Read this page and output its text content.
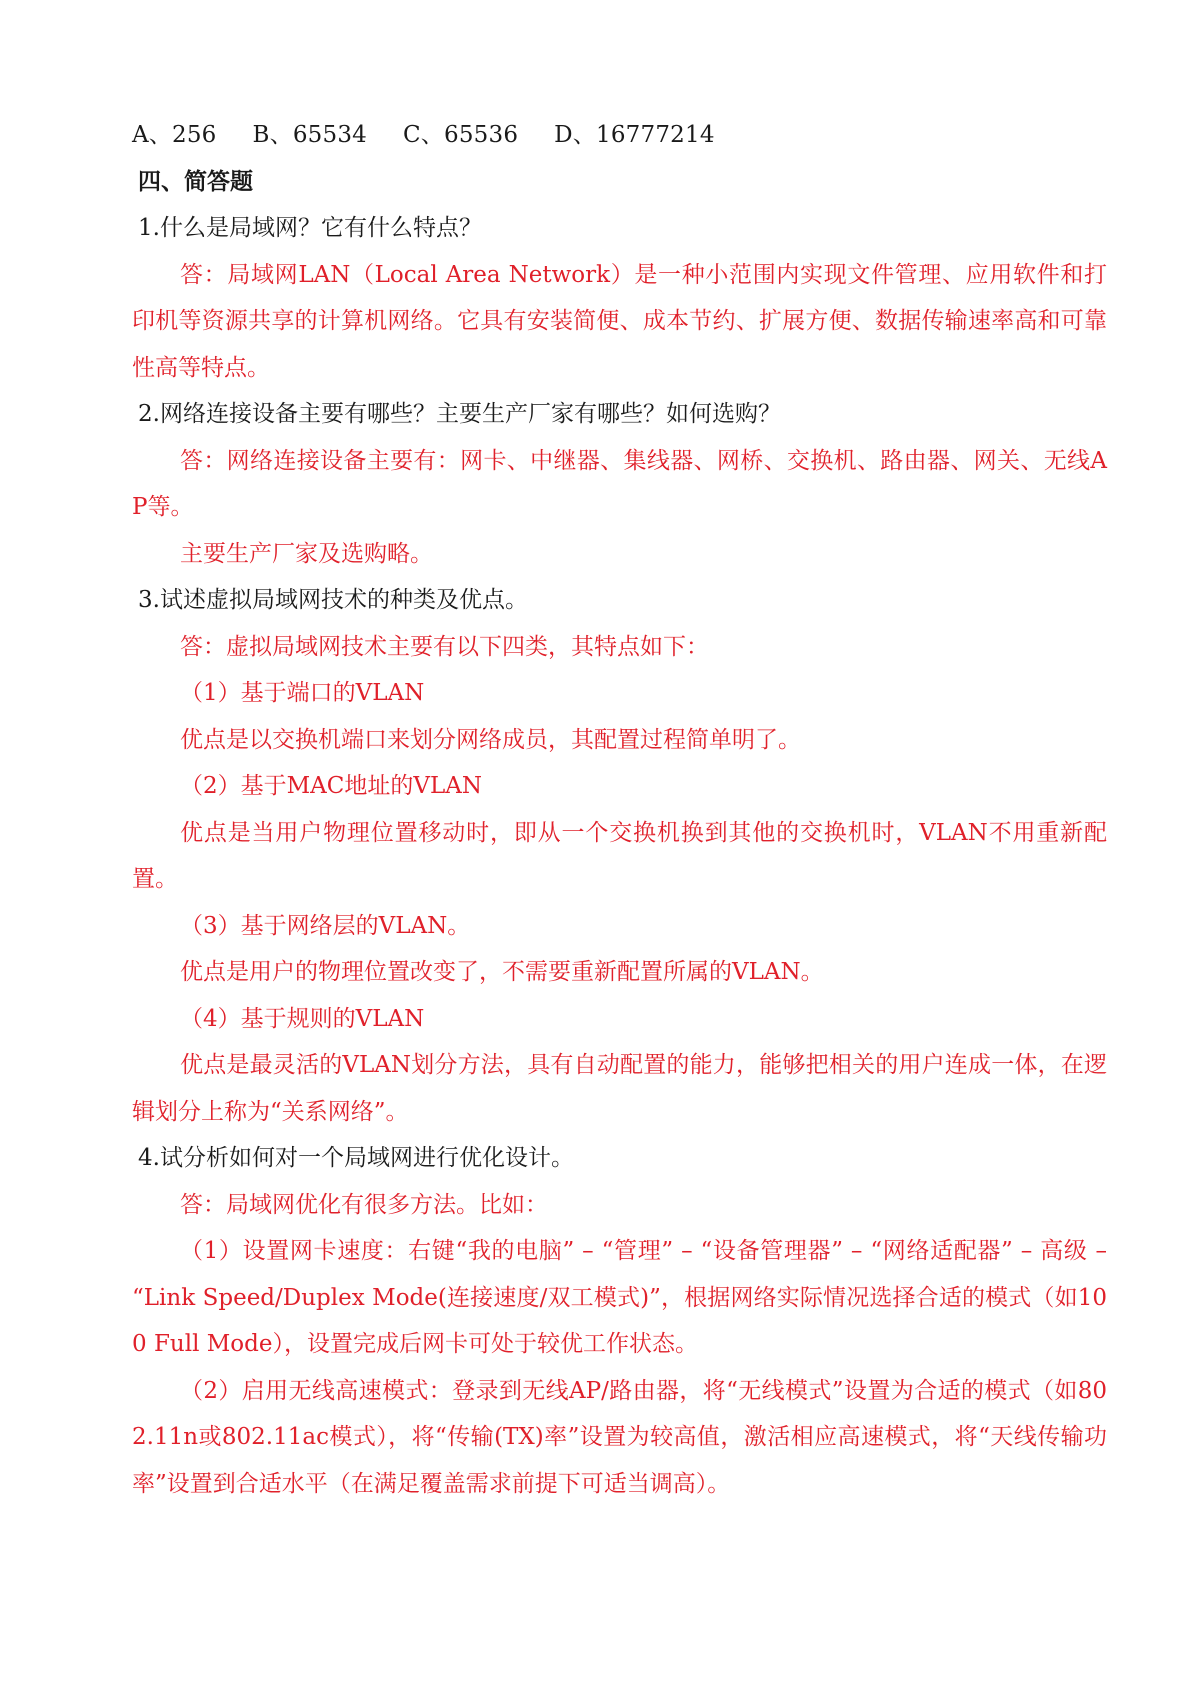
A、256 B、65534 C、65536 D、16777214
四、简答题
1.什么是局域网？它有什么特点？
答：局域网LAN（Local Area Network）是一种小范围内实现文件管理、应用软件和打印机等资源共享的计算机网络。它具有安装简便、成本节约、扩展方便、数据传输速率高和可靠性高等特点。
2.网络连接设备主要有哪些？主要生产厂家有哪些？如何选购？
答：网络连接设备主要有：网卡、中继器、集线器、网桥、交换机、路由器、网关、无线AP等。
主要生产厂家及选购略。
3.试述虚拟局域网技术的种类及优点。
答：虚拟局域网技术主要有以下四类，其特点如下：
（1）基于端口的VLAN
优点是以交换机端口来划分网络成员，其配置过程简单明了。
（2）基于MAC地址的VLAN
优点是当用户物理位置移动时，即从一个交换机换到其他的交换机时，VLAN不用重新配置。
（3）基于网络层的VLAN。
优点是用户的物理位置改变了，不需要重新配置所属的VLAN。
（4）基于规则的VLAN
优点是最灵活的VLAN划分方法，具有自动配置的能力，能够把相关的用户连成一体，在逻辑划分上称为“关系网络”。
4.试分析如何对一个局域网进行优化设计。
答：局域网优化有很多方法。比如：
（1）设置网卡速度：右键“我的电脑” – “管理” – “设备管理器” – “网络适配器” – 高级 – “Link Speed/Duplex Mode(连接速度/双工模式)”，根据网络实际情况选择合适的模式（如100 Full Mode），设置完成后网卡可处于较优工作状态。
（2）启用无线高速模式：登录到无线AP/路由器，将“无线模式”设置为合适的模式（如802.11n或802.11ac模式），将“传输(TX)率”设置为较高值，激活相应高速模式，将“天线传输功率”设置到合适水平（在满足覆盖需求前提下可适当调高）。
